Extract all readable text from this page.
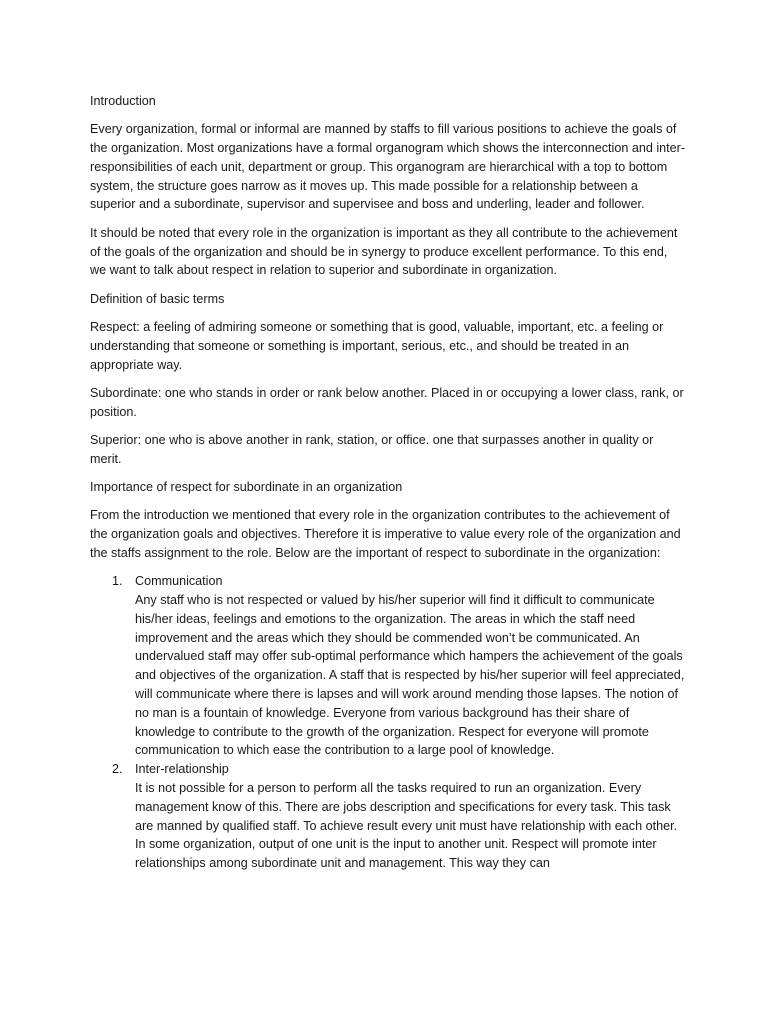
Introduction

Every organization, formal or informal are manned by staffs to fill various positions to achieve the goals of the organization. Most organizations have a formal organogram which shows the interconnection and inter-responsibilities of each unit, department or group. This organogram are hierarchical with a top to bottom system, the structure goes narrow as it moves up. This made possible for a relationship between a superior and a subordinate, supervisor and supervisee and boss and underling, leader and follower.

It should be noted that every role in the organization is important as they all contribute to the achievement of the goals of the organization and should be in synergy to produce excellent performance. To this end, we want to talk about respect in relation to superior and subordinate in organization.

Definition of basic terms

Respect: a feeling of admiring someone or something that is good, valuable, important, etc. a feeling or understanding that someone or something is important, serious, etc., and should be treated in an appropriate way.

Subordinate: one who stands in order or rank below another. Placed in or occupying a lower class, rank, or position.

Superior: one who is above another in rank, station, or office. one that surpasses another in quality or merit.

Importance of respect for subordinate in an organization

From the introduction we mentioned that every role in the organization contributes to the achievement of the organization goals and objectives. Therefore it is imperative to value every role of the organization and the staffs assignment to the role. Below are the important of respect to subordinate in the organization:

1. Communication
Any staff who is not respected or valued by his/her superior will find it difficult to communicate his/her ideas, feelings and emotions to the organization. The areas in which the staff need improvement and the areas which they should be commended won’t be communicated. An undervalued staff may offer sub-optimal performance which hampers the achievement of the goals and objectives of the organization. A staff that is respected by his/her superior will feel appreciated, will communicate where there is lapses and will work around mending those lapses. The notion of no man is a fountain of knowledge. Everyone from various background has their share of knowledge to contribute to the growth of the organization. Respect for everyone will promote communication to which ease the contribution to a large pool of knowledge.
2. Inter-relationship
It is not possible for a person to perform all the tasks required to run an organization. Every management know of this. There are jobs description and specifications for every task. This task are manned by qualified staff. To achieve result every unit must have relationship with each other. In some organization, output of one unit is the input to another unit. Respect will promote inter relationships among subordinate unit and management. This way they can
